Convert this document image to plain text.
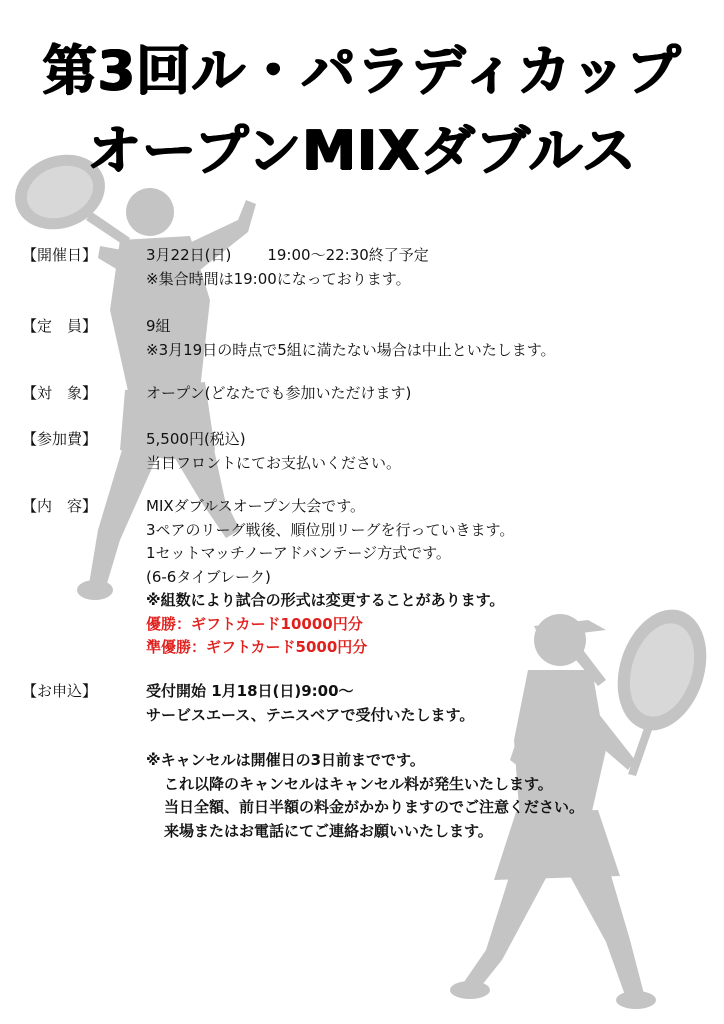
第3回ル・パラディカップ
オープンMIXダブルス
【開催日】	3月22日(日) 19:00～22:30終了予定
※集合時間は19:00になっております。
【定　員】	9組
※3月19日の時点で5組に満たない場合は中止といたします。
【対　象】	オープン(どなたでも参加いただけます)
【参加費】	5,500円(税込)
当日フロントにてお支払いください。
【内　容】	MIXダブルスオープン大会です。
3ペアのリーグ戦後、順位別リーグを行っていきます。
1セットマッチノーアドバンテージ方式です。
(6-6タイブレーク)
※組数により試合の形式は変更することがあります。
優勝：ギフトカード10000円分
準優勝：ギフトカード5000円分
【お申込】	受付開始 1月18日(日)9:00～
サービスエース、テニスベアで受付いたします。
※キャンセルは開催日の3日前までです。
これ以降のキャンセルはキャンセル料が発生いたします。
当日全額、前日半額の料金がかかりますのでご注意ください。
来場またはお電話にてご連絡お願いいたします。
